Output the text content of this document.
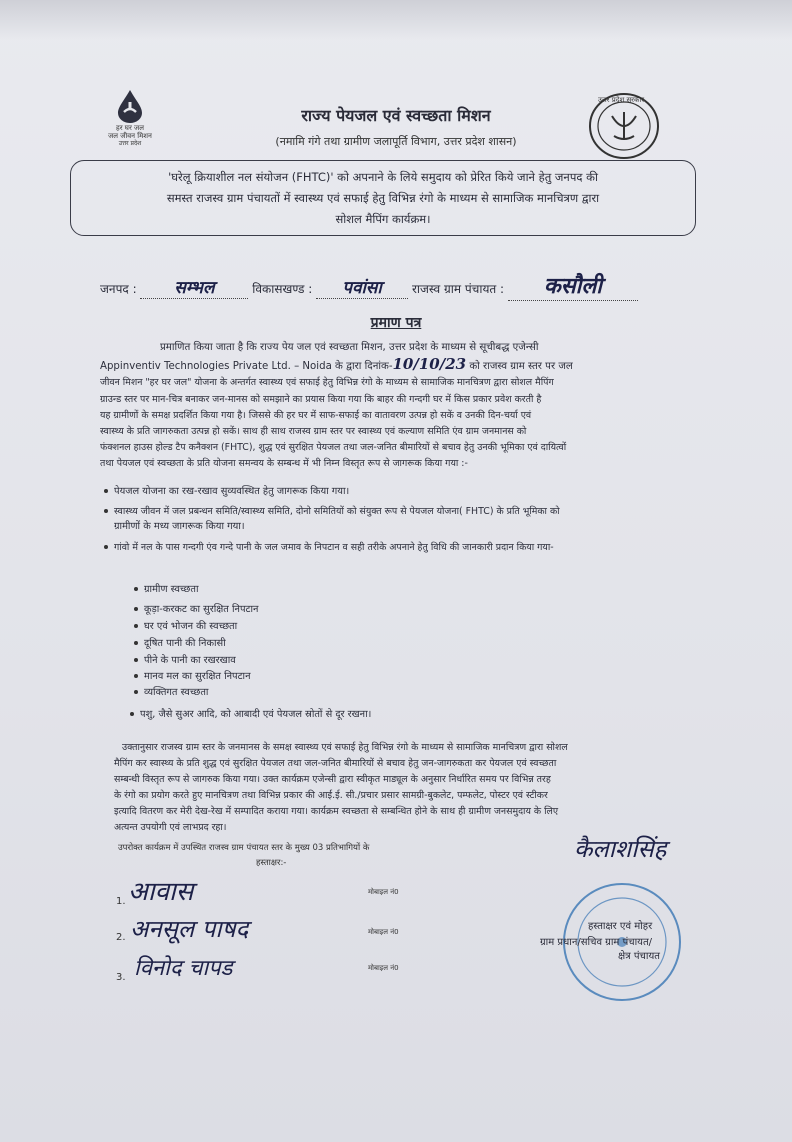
हर घर जल
जल जीवन मिशन
उत्तर प्रदेश
राज्य पेयजल एवं स्वच्छता मिशन
(नमामि गंगे तथा ग्रामीण जलापूर्ति विभाग, उत्तर प्रदेश शासन)
उत्तर प्रदेश सरकार
'घरेलू क्रियाशील नल संयोजन (FHTC)' को अपनाने के लिये समुदाय को प्रेरित किये जाने हेतु जनपद की
समस्त राजस्व ग्राम पंचायतों में स्वास्थ्य एवं सफाई हेतु विभिन्न रंगो के माध्यम से सामाजिक मानचित्रण द्वारा
सोशल मैपिंग कार्यक्रम।
जनपद : सम्भल	विकासखण्ड : पवांसा	राजस्व ग्राम पंचायत : कसौली
प्रमाण पत्र
प्रमाणित किया जाता है कि राज्य पेय जल एवं स्वच्छता मिशन, उत्तर प्रदेश के माध्यम से सूचीबद्ध एजेन्सी
Appinventiv Technologies Private Ltd. – Noida के द्वारा दिनांक-10/10/23 को राजस्व ग्राम स्तर पर जल
जीवन मिशन "हर घर जल" योजना के अन्तर्गत स्वास्थ्य एवं सफाई हेतु विभिन्न रंगो के माध्यम से सामाजिक मानचित्रण द्वारा सोशल मैपिंग
ग्राउन्ड स्तर पर मान-चित्र बनाकर जन-मानस को समझाने का प्रयास किया गया कि बाहर की गन्दगी घर में किस प्रकार प्रवेश करती है
यह ग्रामीणों के समक्ष प्रदर्शित किया गया है। जिससे की हर घर में साफ-सफाई का वातावरण उत्पन्न हो सकें व उनकी दिन-चर्या एवं
स्वास्थ्य के प्रति जागरुकता उत्पन्न हो सकें। साथ ही साथ राजस्व ग्राम स्तर पर स्वास्थ्य एवं कल्याण समिति एंव ग्राम जनमानस को
फंक्शनल हाउस होल्ड टैप कनैक्शन (FHTC), शुद्ध एवं सुरक्षित पेयजल तथा जल-जनित बीमारियों से बचाव हेतु उनकी भूमिका एवं दायित्वों
तथा पेयजल एवं स्वच्छता के प्रति योजना समन्वय के सम्बन्ध में भी निम्न विस्तृत रूप से जागरूक किया गया :-
पेयजल योजना का रख-रखाव सुव्यवस्थित हेतु जागरूक किया गया।
स्वास्थ्य जीवन में जल प्रबन्धन समिति/स्वास्थ्य समिति, दोनो समितियों को संयुक्त रूप से पेयजल योजना( FHTC) के प्रति भूमिका को
ग्रामीणों के मध्य जागरूक किया गया।
गांवो में नल के पास गन्दगी एंव गन्दे पानी के जल जमाव के निपटान व सही तरीके अपनाने हेतु विधि की जानकारी प्रदान किया गया-
ग्रामीण स्वच्छता
कूड़ा-करकट का सुरक्षित निपटान
घर एवं भोजन की स्वच्छता
दूषित पानी की निकासी
पीने के पानी का रखरखाव
मानव मल का सुरक्षित निपटान
व्यक्तिगत स्वच्छता
पशु, जैसे सुअर आदि, को आबादी एवं पेयजल स्रोतों से दूर रखना।
उक्तानुसार राजस्व ग्राम स्तर के जनमानस के समक्ष स्वास्थ्य एवं सफाई हेतु विभिन्न रंगो के माध्यम से सामाजिक मानचित्रण द्वारा सोशल
मैपिंग कर स्वास्थ्य के प्रति शुद्ध एवं सुरक्षित पेयजल तथा जल-जनित बीमारियों से बचाव हेतु जन-जागरुकता कर पेयजल एवं स्वच्छता
सम्बन्धी विस्तृत रूप से जागरुक किया गया। उक्त कार्यक्रम एजेन्सी द्वारा स्वीकृत माड्यूल के अनुसार निर्धारित समय पर विभिन्न तरह
के रंगो का प्रयोग करते हुए मानचित्रण तथा विभिन्न प्रकार की आई.ई. सी./प्रचार प्रसार सामग्री-बुकलेट, पम्फलेट, पोस्टर एवं स्टीकर
इत्यादि वितरण कर मेरी देख-रेख में सम्पादित कराया गया। कार्यक्रम स्वच्छता से सम्बन्धित होने के साथ ही ग्रामीण जनसमुदाय के लिए
अत्यन्त उपयोगी एवं लाभप्रद रहा।
उपरोक्त कार्यक्रम में उपस्थित राजस्व ग्राम पंचायत स्तर के मुख्य 03 प्रतिभागियों के
हस्ताक्षर:-	कैलाशसिंह
1. आवास	मोबाइल नं0
2. अनसूल पाषद	मोबाइल नं0
3. विनोद चापड	मोबाइल नं0
हस्ताक्षर एवं मोहर
ग्राम प्रधान/सचिव ग्राम पंचायत/
क्षेत्र पंचायत
